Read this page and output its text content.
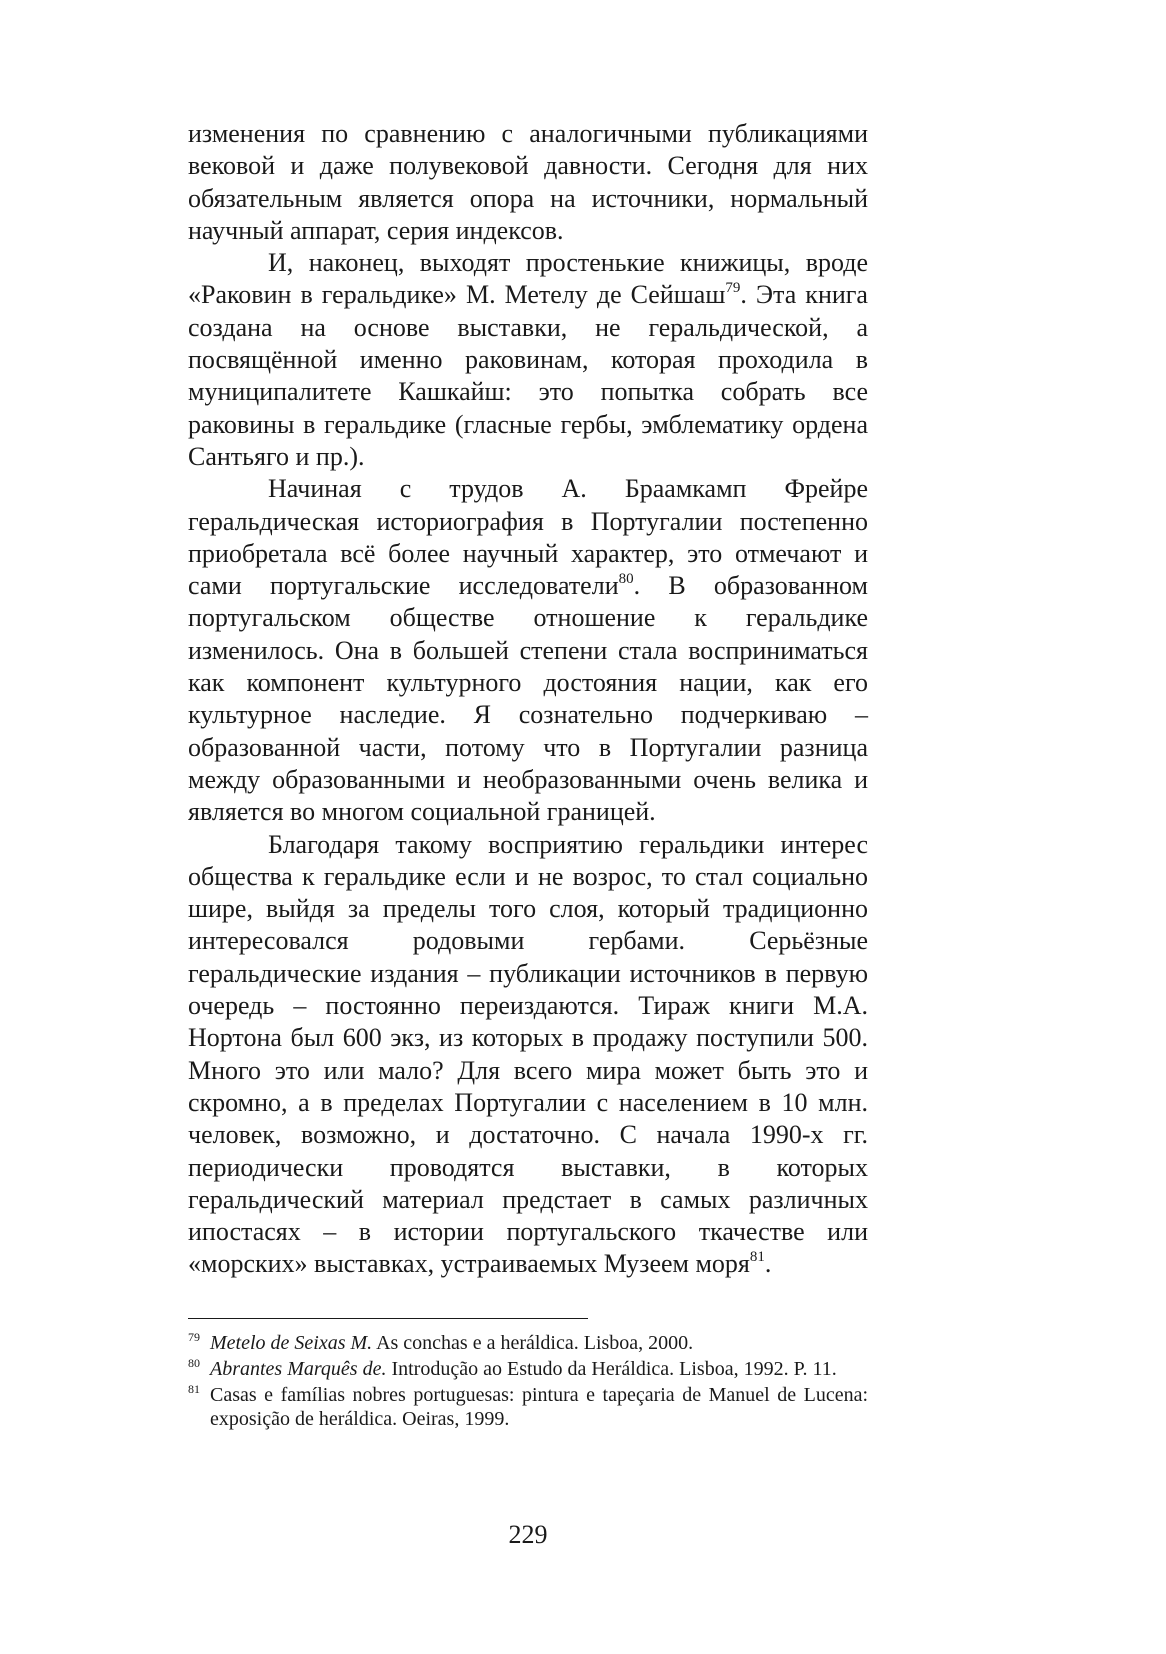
изменения по сравнению с аналогичными публикациями вековой и даже полувековой давности. Сегодня для них обязательным является опора на источники, нормальный научный аппарат, серия индексов.

И, наконец, выходят простенькие книжицы, вроде «Раковин в геральдике» М. Метелу де Сейшаш$^{79}$. Эта книга создана на основе выставки, не геральдической, а посвящённой именно раковинам, которая проходила в муниципалитете Кашкайш: это попытка собрать все раковины в геральдике (гласные гербы, эмблематику ордена Сантьяго и пр.).

Начиная с трудов А. Браамкамп Фрейре геральдическая историография в Португалии постепенно приобретала всё более научный характер, это отмечают и сами португальские исследователи$^{80}$. В образованном португальском обществе отношение к геральдике изменилось. Она в большей степени стала восприниматься как компонент культурного достояния нации, как его культурное наследие. Я сознательно подчеркиваю – образованной части, потому что в Португалии разница между образованными и необразованными очень велика и является во многом социальной границей.

Благодаря такому восприятию геральдики интерес общества к геральдике если и не возрос, то стал социально шире, выйдя за пределы того слоя, который традиционно интересовался родовыми гербами. Серьёзные геральдические издания – публикации источников в первую очередь – постоянно переиздаются. Тираж книги М.А. Нортона был 600 экз, из которых в продажу поступили 500. Много это или мало? Для всего мира может быть это и скромно, а в пределах Португалии с населением в 10 млн. человек, возможно, и достаточно. С начала 1990-х гг. периодически проводятся выставки, в которых геральдический материал предстает в самых различных ипостасях – в истории португальского ткачестве или «морских» выставках, устраиваемых Музеем моря$^{81}$.

79 Metelo de Seixas M. As conchas e a heráldica. Lisboa, 2000.

80 Abrantes Marquês de. Introdução ao Estudo da Heráldica. Lisboa, 1992. P. 11.

81 Casas e famílias nobres portuguesas: pintura e tapeçaria de Manuel de Lucena: exposição de heráldica. Oeiras, 1999.

229
